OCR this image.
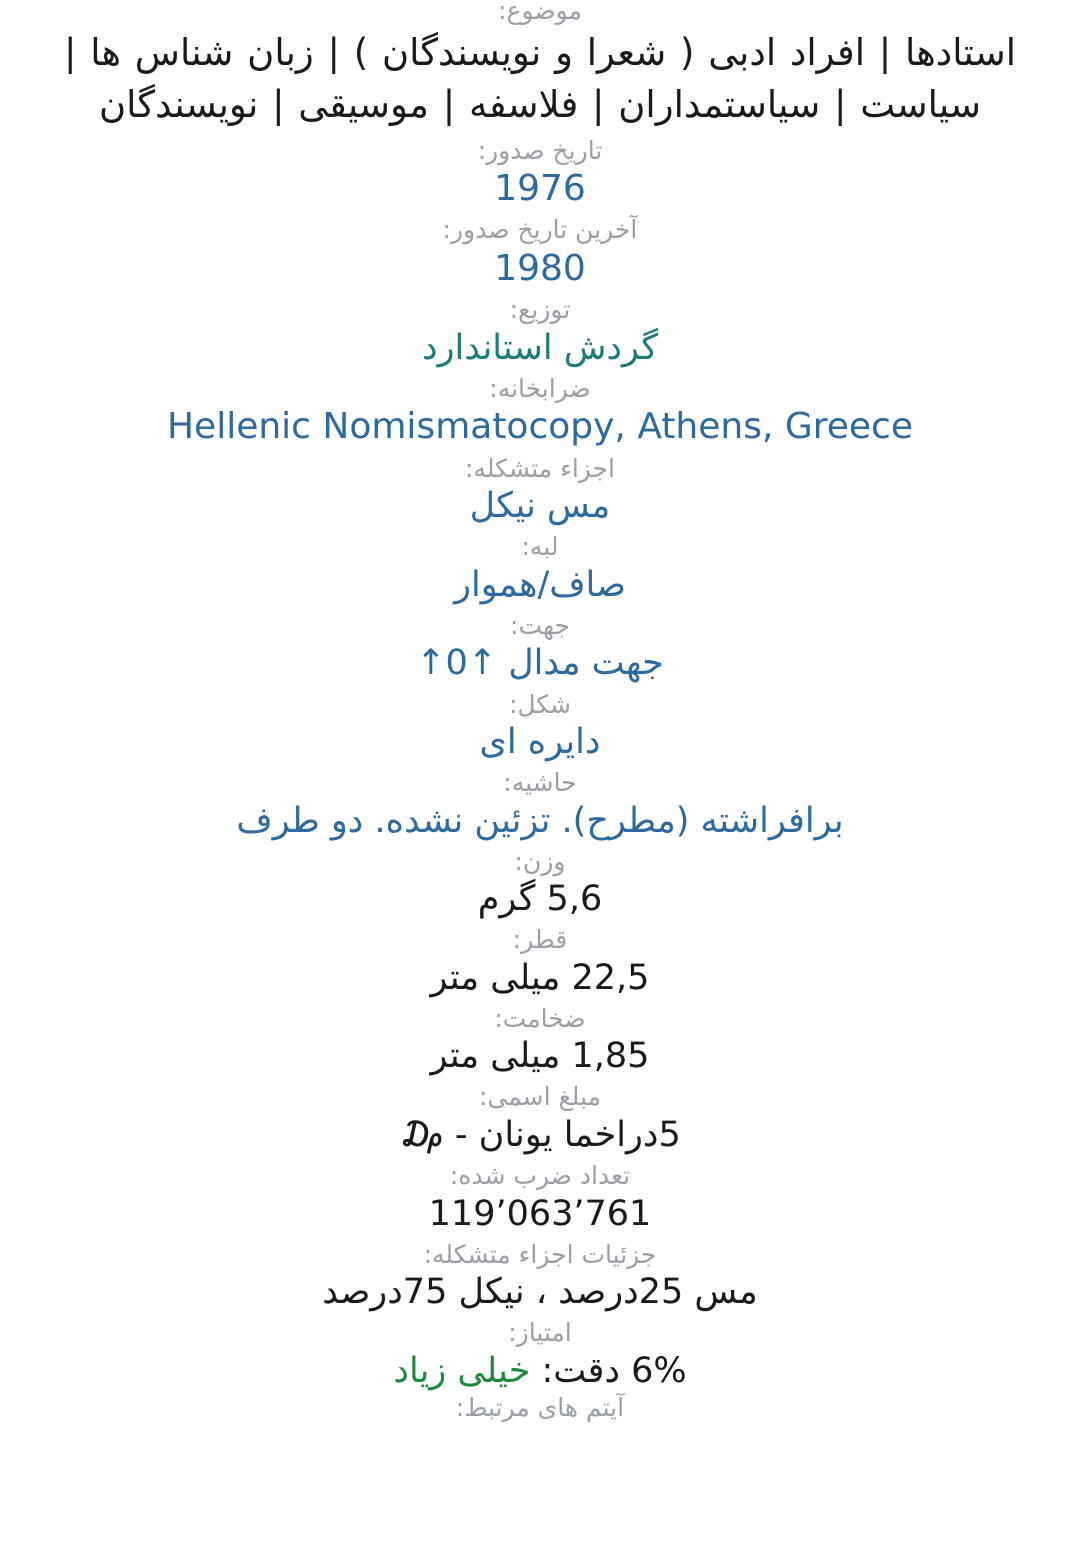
موضوع:
استادها | افراد ادبی ( شعرا و نویسندگان ) | زبان شناس ها | سیاست | سیاستمداران | فلاسفه | موسیقی | نویسندگان
تاریخ صدور:
1976
آخرین تاریخ صدور:
1980
توزیع:
گردش استاندارد
ضرابخانه:
Hellenic Nomismatocopy, Athens, Greece
اجزاء متشکله:
مس نیکل
لبه:
صاف/هموار
جهت:
جهت مدال ↑0↑
شکل:
دایره ای
حاشیه:
برافراشته (مطرح). تزئین نشده. دو طرف
وزن:
5,6 گرم
قطر:
22,5 میلی متر
ضخامت:
1,85 میلی متر
مبلغ اسمی:
5دراخما یونان - ₯
تعداد ضرب شده:
119٬063٬761
جزئیات اجزاء متشکله:
مس 25درصد ، نیکل 75درصد
امتیاز:
6% دقت: خیلی زیاد
آیتم های مرتبط:
